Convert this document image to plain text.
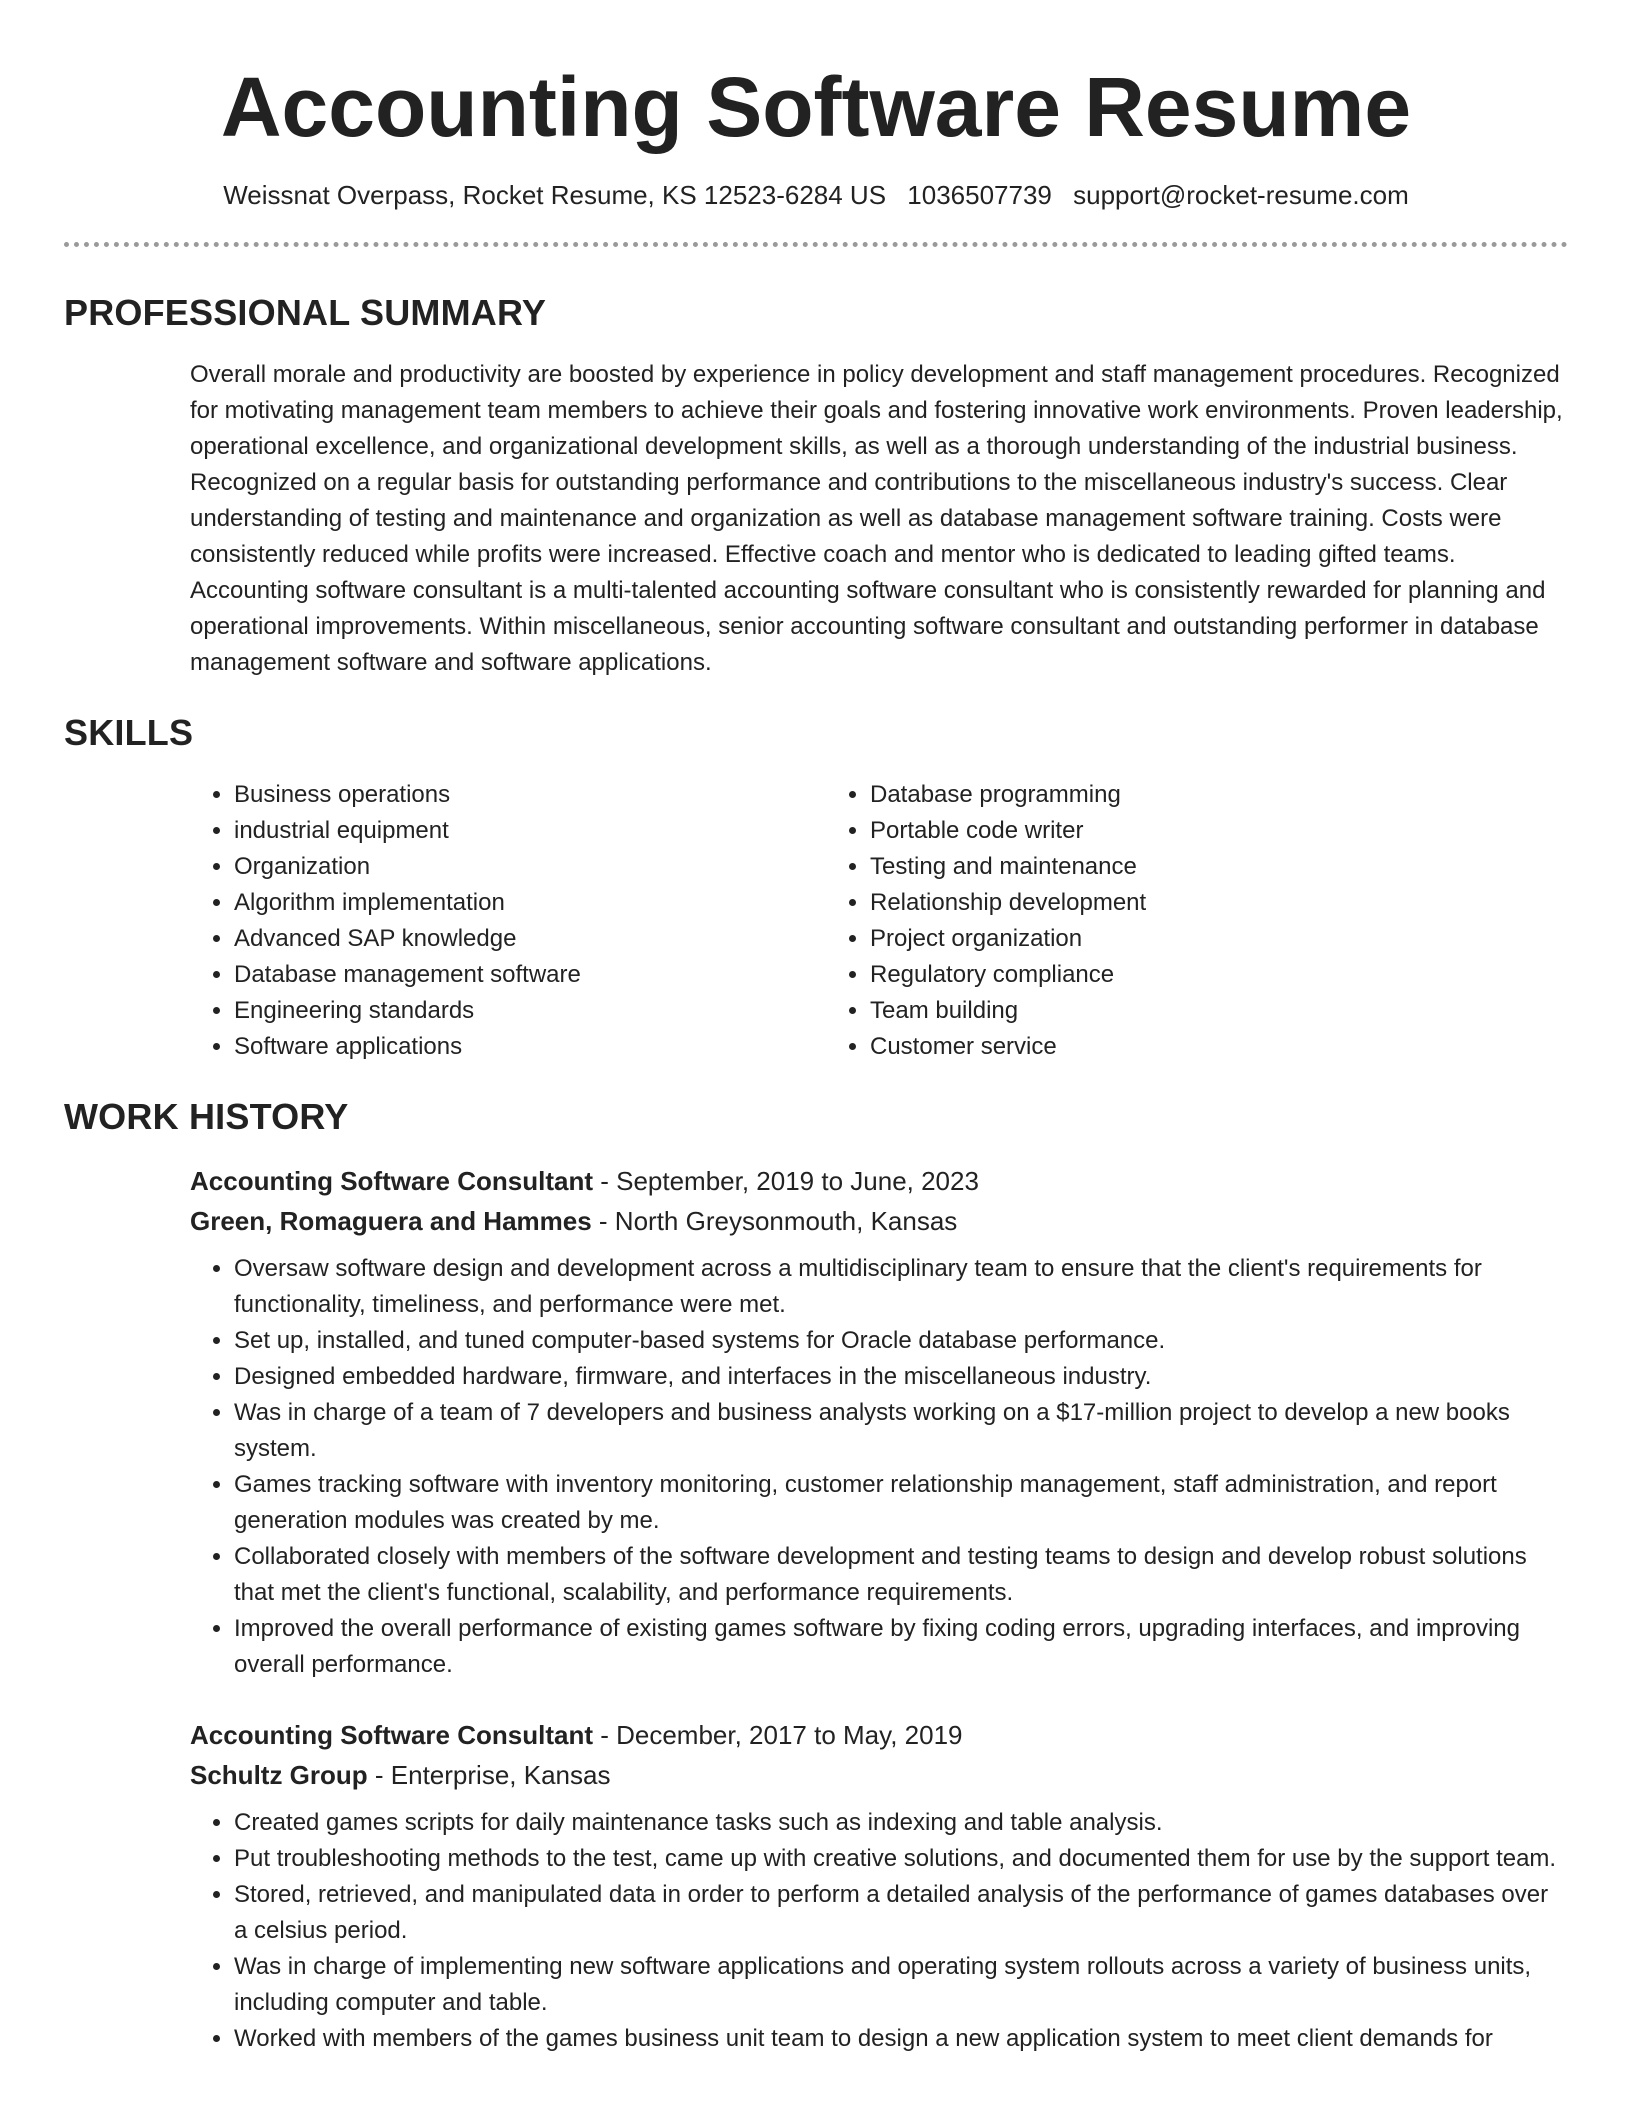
Accounting Software Resume
Weissnat Overpass, Rocket Resume, KS 12523-6284 US 1036507739 support@rocket-resume.com
PROFESSIONAL SUMMARY

Overall morale and productivity are boosted by experience in policy development and staff management procedures. Recognized for motivating management team members to achieve their goals and fostering innovative work environments. Proven leadership, operational excellence, and organizational development skills, as well as a thorough understanding of the industrial business. Recognized on a regular basis for outstanding performance and contributions to the miscellaneous industry's success. Clear understanding of testing and maintenance and organization as well as database management software training. Costs were consistently reduced while profits were increased. Effective coach and mentor who is dedicated to leading gifted teams. Accounting software consultant is a multi-talented accounting software consultant who is consistently rewarded for planning and operational improvements. Within miscellaneous, senior accounting software consultant and outstanding performer in database management software and software applications.

SKILLS
• Business operations
• industrial equipment
• Organization
• Algorithm implementation
• Advanced SAP knowledge
• Database management software
• Engineering standards
• Software applications
• Database programming
• Portable code writer
• Testing and maintenance
• Relationship development
• Project organization
• Regulatory compliance
• Team building
• Customer service
WORK HISTORY
Accounting Software Consultant - September, 2019 to June, 2023
Green, Romaguera and Hammes - North Greysonmouth, Kansas
• Oversaw software design and development across a multidisciplinary team to ensure that the client's requirements for functionality, timeliness, and performance were met.
• Set up, installed, and tuned computer-based systems for Oracle database performance.
• Designed embedded hardware, firmware, and interfaces in the miscellaneous industry.
• Was in charge of a team of 7 developers and business analysts working on a $17-million project to develop a new books system.
• Games tracking software with inventory monitoring, customer relationship management, staff administration, and report generation modules was created by me.
• Collaborated closely with members of the software development and testing teams to design and develop robust solutions that met the client's functional, scalability, and performance requirements.
• Improved the overall performance of existing games software by fixing coding errors, upgrading interfaces, and improving overall performance.
Accounting Software Consultant - December, 2017 to May, 2019
Schultz Group - Enterprise, Kansas
• Created games scripts for daily maintenance tasks such as indexing and table analysis.
• Put troubleshooting methods to the test, came up with creative solutions, and documented them for use by the support team.
• Stored, retrieved, and manipulated data in order to perform a detailed analysis of the performance of games databases over a celsius period.
• Was in charge of implementing new software applications and operating system rollouts across a variety of business units, including computer and table.
• Worked with members of the games business unit team to design a new application system to meet client demands for
